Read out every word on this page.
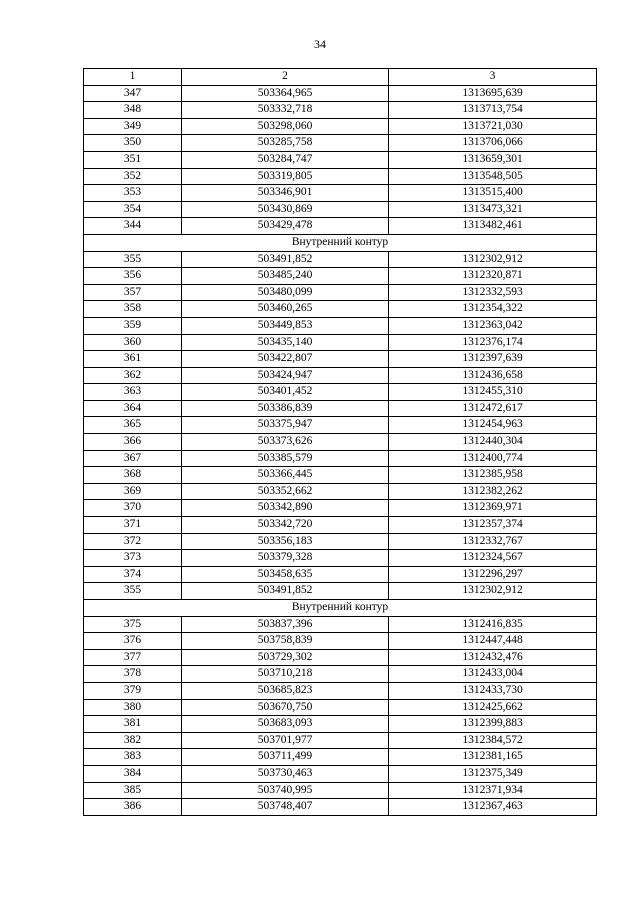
34
1	2	3
347	503364,965	1313695,639
348	503332,718	1313713,754
349	503298,060	1313721,030
350	503285,758	1313706,066
351	503284,747	1313659,301
352	503319,805	1313548,505
353	503346,901	1313515,400
354	503430,869	1313473,321
344	503429,478	1313482,461
Внутренний контур		
355	503491,852	1312302,912
356	503485,240	1312320,871
357	503480,099	1312332,593
358	503460,265	1312354,322
359	503449,853	1312363,042
360	503435,140	1312376,174
361	503422,807	1312397,639
362	503424,947	1312436,658
363	503401,452	1312455,310
364	503386,839	1312472,617
365	503375,947	1312454,963
366	503373,626	1312440,304
367	503385,579	1312400,774
368	503366,445	1312385,958
369	503352,662	1312382,262
370	503342,890	1312369,971
371	503342,720	1312357,374
372	503356,183	1312332,767
373	503379,328	1312324,567
374	503458,635	1312296,297
355	503491,852	1312302,912
Внутренний контур		
375	503837,396	1312416,835
376	503758,839	1312447,448
377	503729,302	1312432,476
378	503710,218	1312433,004
379	503685,823	1312433,730
380	503670,750	1312425,662
381	503683,093	1312399,883
382	503701,977	1312384,572
383	503711,499	1312381,165
384	503730,463	1312375,349
385	503740,995	1312371,934
386	503748,407	1312367,463
